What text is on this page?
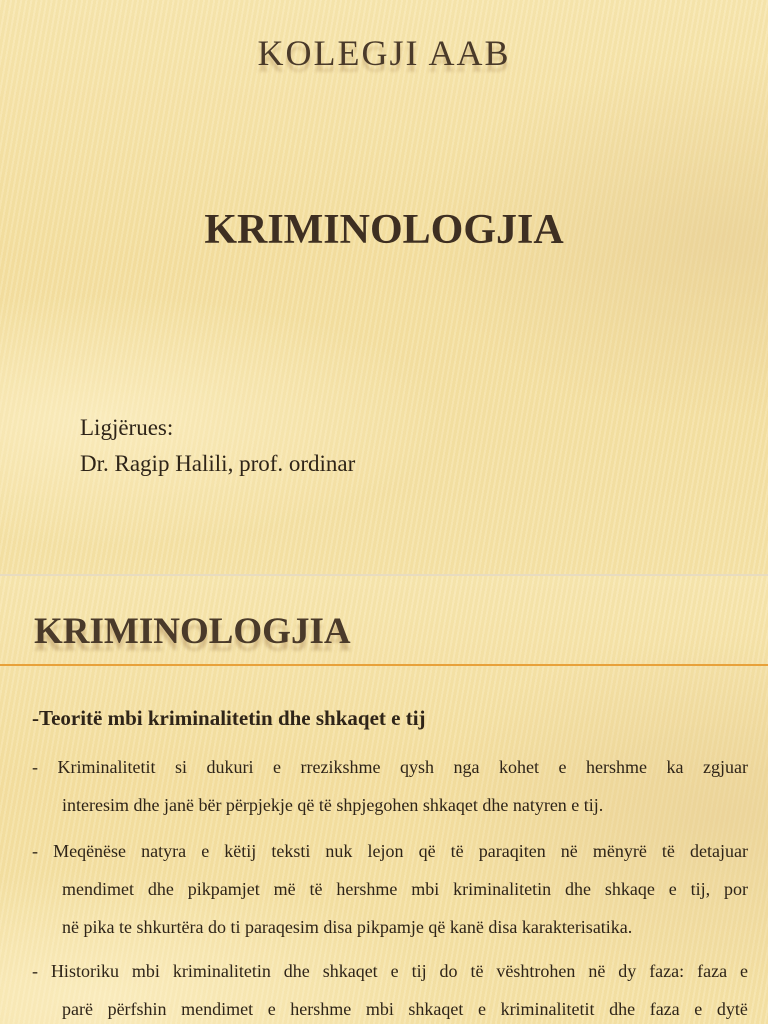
KOLEGJI AAB
KRIMINOLOGJIA
Ligjërues:
Dr. Ragip Halili, prof. ordinar
KRIMINOLOGJIA
-Teoritë mbi kriminalitetin dhe shkaqet e tij
- Kriminalitetit si dukuri e rrezikshme qysh nga kohet e hershme ka zgjuar
interesim dhe janë bër përpjekje që të shpjegohen shkaqet dhe natyren e tij.
- Meqënëse natyra e këtij teksti nuk lejon që të paraqiten në mënyrë të detajuar
mendimet dhe pikpamjet më të hershme mbi kriminalitetin dhe shkaqe e tij, por
në pika te shkurtëra do ti paraqesim disa pikpamje që kanë disa karakterisatika.
- Historiku mbi kriminalitetin dhe shkaqet e tij do të vështrohen në dy faza: faza e
parë përfshin mendimet e hershme mbi shkaqet e kriminalitetit dhe faza e dytë
